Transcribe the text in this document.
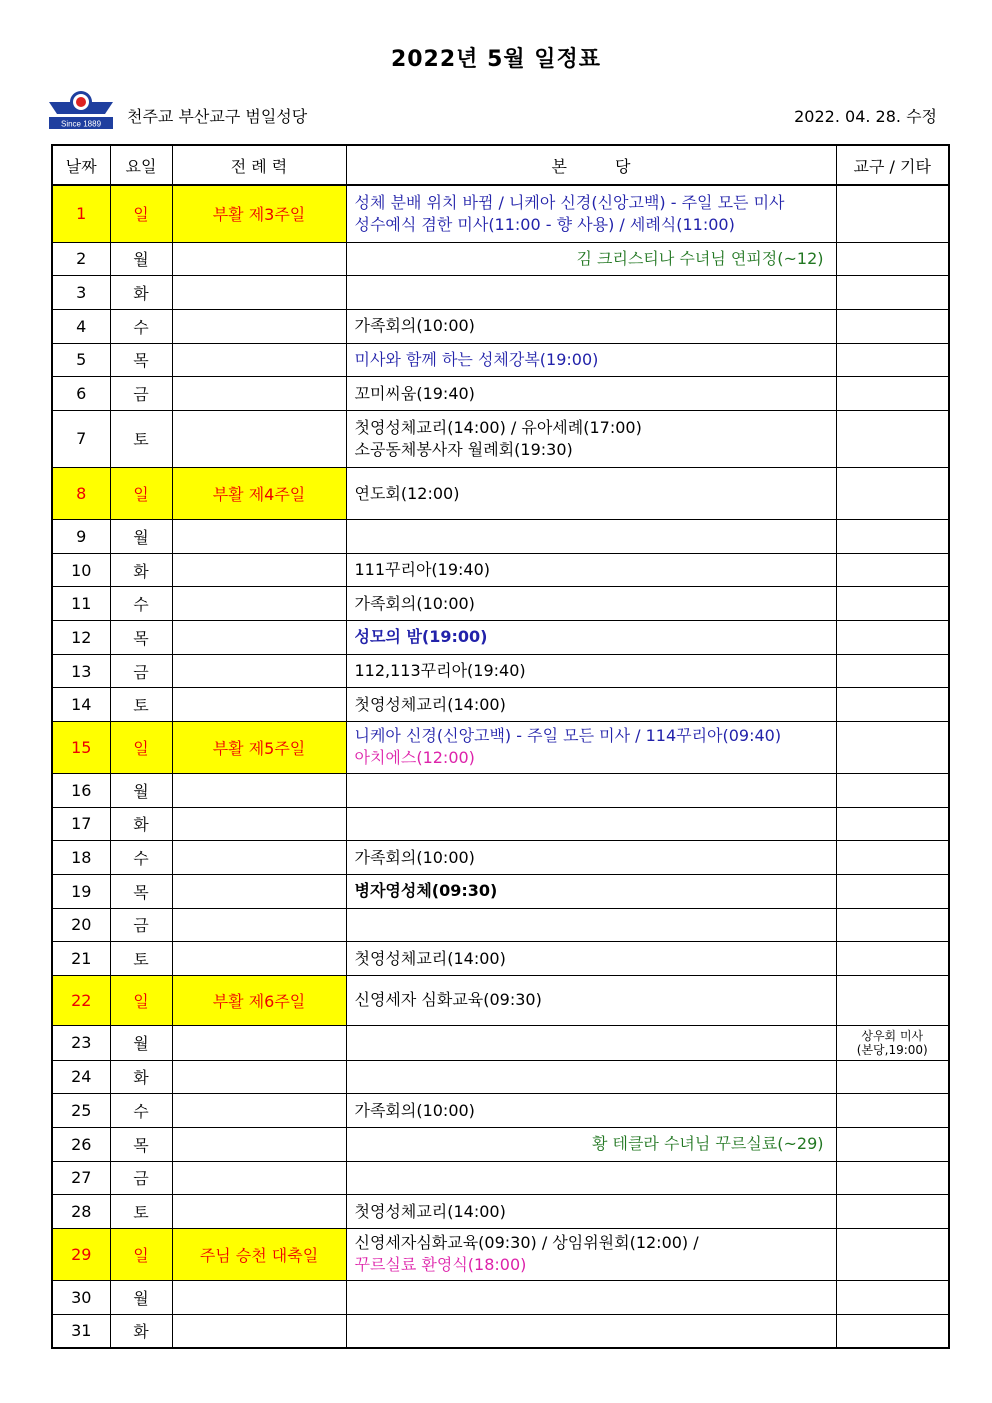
2022년 5월 일정표
Since 1889 천주교 부산교구 범일성당	2022. 04. 28. 수정
날짜	요일	전 례 력	본　　　당	교구 / 기타
1	일	부활 제3주일	성체 분배 위치 바뀜 / 니케아 신경(신앙고백) - 주일 모든 미사
성수예식 겸한 미사(11:00 - 향 사용) / 세례식(11:00)	

2	월		김 크리스티나 수녀님 연피정(~12)	

3	화			
4	수		가족회의(10:00)	

5	목		미사와 함께 하는 성체강복(19:00)	

6	금		꼬미씨움(19:40)	

7	토		첫영성체교리(14:00) / 유아세례(17:00)
소공동체봉사자 월례회(19:30)	

8	일	부활 제4주일	연도회(12:00)	

9	월			
10	화		111꾸리아(19:40)	

11	수		가족회의(10:00)	

12	목		성모의 밤(19:00)	

13	금		112,113꾸리아(19:40)	

14	토		첫영성체교리(14:00)	

15	일	부활 제5주일	니케아 신경(신앙고백) - 주일 모든 미사 / 114꾸리아(09:40)
아치에스(12:00)	

16	월			
17	화			
18	수		가족회의(10:00)	

19	목		병자영성체(09:30)	

20	금			
21	토		첫영성체교리(14:00)	

22	일	부활 제6주일	신영세자 심화교육(09:30)	

23	월			상우회 미사
(본당,19:00)

24	화			
25	수		가족회의(10:00)	

26	목		황 테클라 수녀님 꾸르실료(~29)	

27	금			
28	토		첫영성체교리(14:00)	

29	일	주님 승천 대축일	신영세자심화교육(09:30) / 상임위원회(12:00) /
꾸르실료 환영식(18:00)	

30	월			
31	화			
